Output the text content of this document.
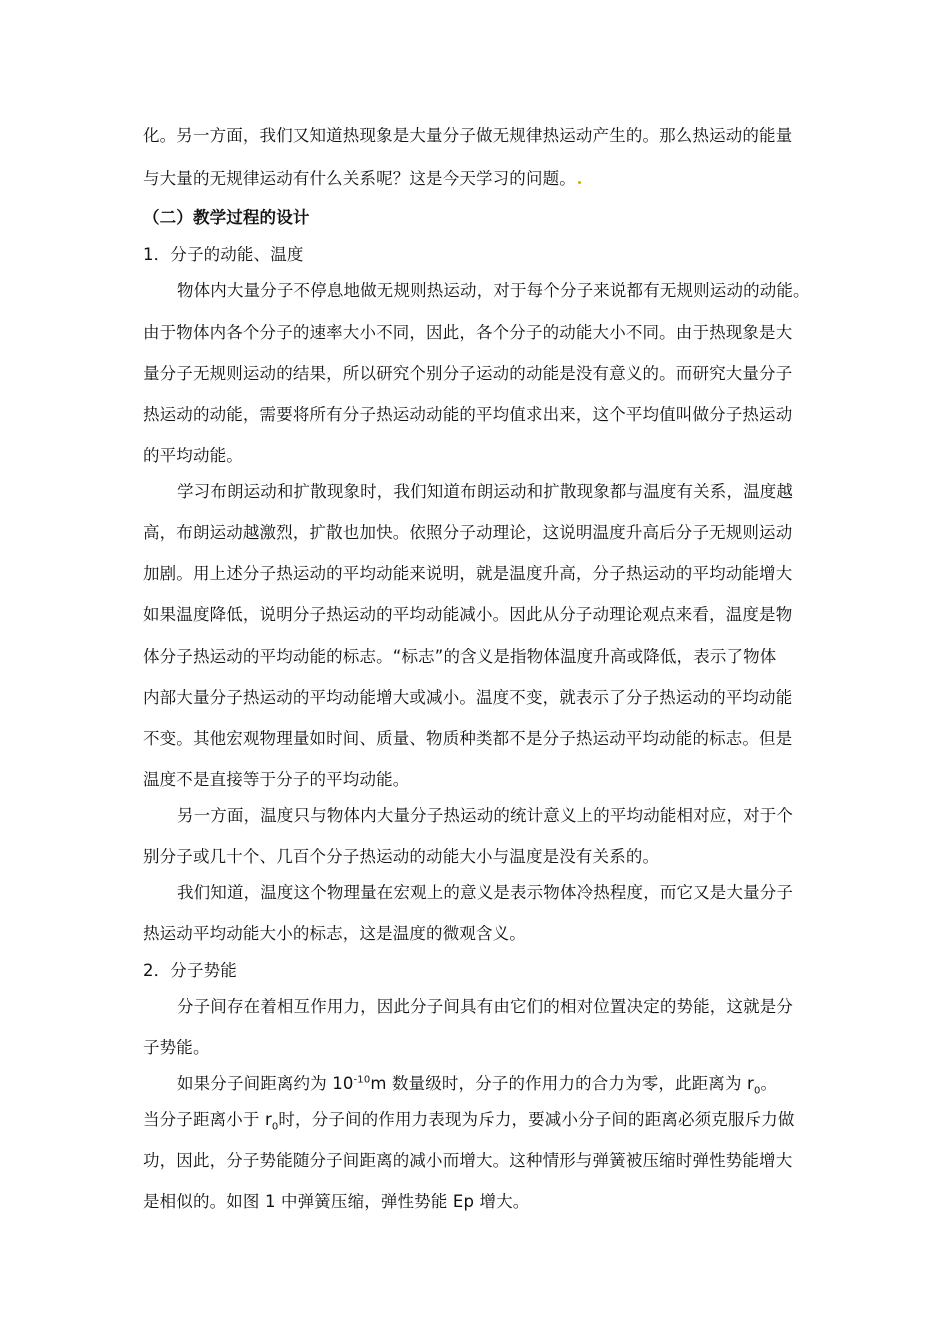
化。另一方面，我们又知道热现象是大量分子做无规律热运动产生的。那么热运动的能量
与大量的无规律运动有什么关系呢？这是今天学习的问题。
（二）教学过程的设计
1．分子的动能、温度
物体内大量分子不停息地做无规则热运动，对于每个分子来说都有无规则运动的动能。
由于物体内各个分子的速率大小不同，因此，各个分子的动能大小不同。由于热现象是大
量分子无规则运动的结果，所以研究个别分子运动的动能是没有意义的。而研究大量分子
热运动的动能，需要将所有分子热运动动能的平均值求出来，这个平均值叫做分子热运动
的平均动能。
学习布朗运动和扩散现象时，我们知道布朗运动和扩散现象都与温度有关系，温度越
高，布朗运动越激烈，扩散也加快。依照分子动理论，这说明温度升高后分子无规则运动
加剧。用上述分子热运动的平均动能来说明，就是温度升高，分子热运动的平均动能增大
如果温度降低，说明分子热运动的平均动能减小。因此从分子动理论观点来看，温度是物
体分子热运动的平均动能的标志。“标志”的含义是指物体温度升高或降低，表示了物体
内部大量分子热运动的平均动能增大或减小。温度不变，就表示了分子热运动的平均动能
不变。其他宏观物理量如时间、质量、物质种类都不是分子热运动平均动能的标志。但是
温度不是直接等于分子的平均动能。
另一方面，温度只与物体内大量分子热运动的统计意义上的平均动能相对应，对于个
别分子或几十个、几百个分子热运动的动能大小与温度是没有关系的。
我们知道，温度这个物理量在宏观上的意义是表示物体冷热程度，而它又是大量分子
热运动平均动能大小的标志，这是温度的微观含义。
2．分子势能
分子间存在着相互作用力，因此分子间具有由它们的相对位置决定的势能，这就是分
子势能。
如果分子间距离约为 $10^{-10}m$ 数量级时，分子的作用力的合力为零，此距离为 $r_0$。
当分子距离小于 $r_0$时，分子间的作用力表现为斥力，要减小分子间的距离必须克服斥力做
功，因此，分子势能随分子间距离的减小而增大。这种情形与弹簧被压缩时弹性势能增大
是相似的。如图 1 中弹簧压缩，弹性势能 Ep 增大。
